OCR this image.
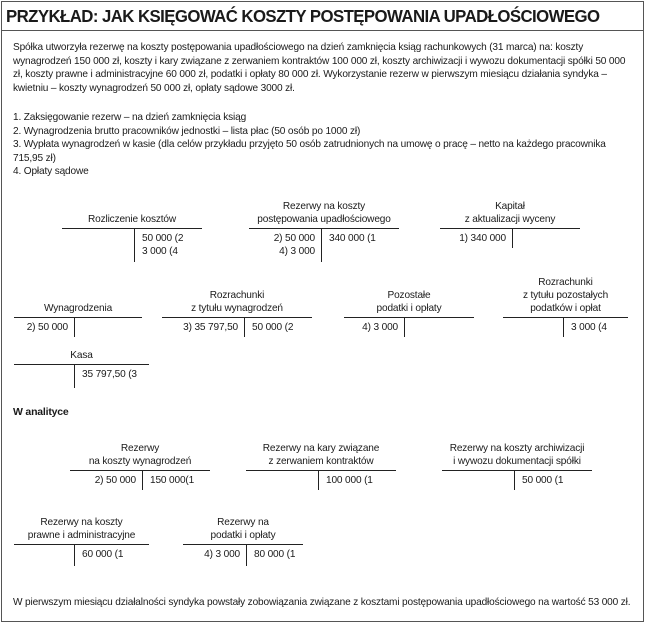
PRZYKŁAD: JAK KSIĘGOWAĆ KOSZTY POSTĘPOWANIA UPADŁOŚCIOWEGO
Spółka utworzyła rezerwę na koszty postępowania upadłościowego na dzień zamknięcia ksiąg rachunkowych (31 marca) na: koszty wynagrodzeń 150 000 zł, koszty i kary związane z zerwaniem kontraktów 100 000 zł, koszty archiwizacji i wywozu dokumentacji spółki 50 000 zł, koszty prawne i administracyjne 60 000 zł, podatki i opłaty 80 000 zł. Wykorzystanie rezerw w pierwszym miesiącu działania syndyka – kwietniu – koszty wynagrodzeń 50 000 zł, opłaty sądowe 3000 zł.
1. Zaksięgowanie rezerw – na dzień zamknięcia ksiąg
2. Wynagrodzenia brutto pracowników jednostki – lista płac (50 osób po 1000 zł)
3. Wypłata wynagrodzeń w kasie (dla celów przykładu przyjęto 50 osób zatrudnionych na umowę o pracę – netto na każdego pracownika 715,95 zł)
4. Opłaty sądowe
Rozliczenie kosztów
50 000 (2
3 000 (4
Rezerwy na koszty
postępowania upadłościowego
2) 50 000
4) 3 000
340 000 (1
Kapitał
z aktualizacji wyceny
1) 340 000
Wynagrodzenia
2) 50 000
Rozrachunki
z tytułu wynagrodzeń
3) 35 797,50 50 000 (2
Pozostałe
podatki i opłaty
4) 3 000
Rozrachunki
z tytułu pozostałych
podatków i opłat
3 000 (4
Kasa
35 797,50 (3
Rezerwy
na koszty wynagrodzeń
2) 50 000 150 000(1
Rezerwy na kary związane
z zerwaniem kontraktów
100 000 (1
Rezerwy na koszty archiwizacji
i wywozu dokumentacji spółki
50 000 (1
Rezerwy na koszty
prawne i administracyjne
60 000 (1
Rezerwy na
podatki i opłaty
4) 3 000 80 000 (1
W analityce
W pierwszym miesiącu działalności syndyka powstały zobowiązania związane z kosztami postępowania upadłościowego na wartość 53 000 zł.
